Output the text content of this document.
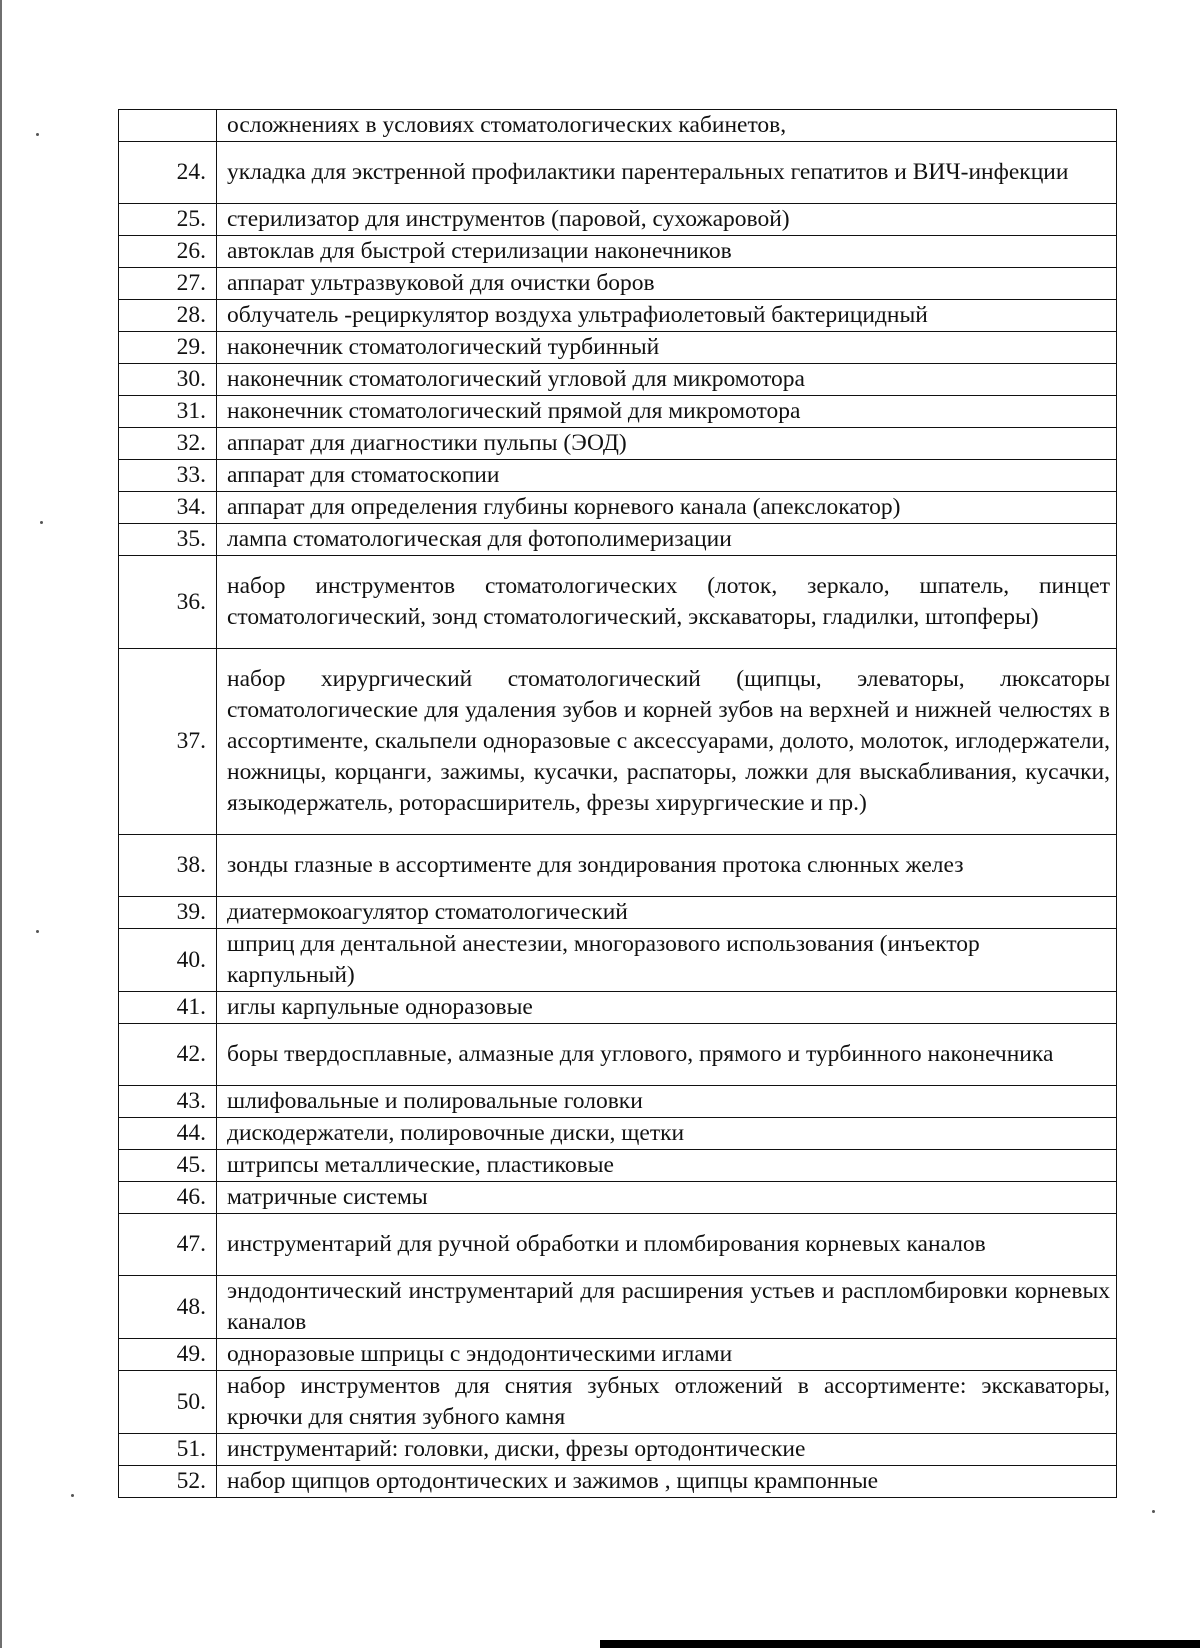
	осложнениях в условиях стоматологических кабинетов,
24.	укладка для экстренной профилактики парентеральных гепатитов и ВИЧ-инфекции
25.	стерилизатор для инструментов (паровой, сухожаровой)
26.	автоклав для быстрой стерилизации наконечников
27.	аппарат ультразвуковой для очистки боров
28.	облучатель -рециркулятор воздуха ультрафиолетовый бактерицидный
29.	наконечник стоматологический турбинный
30.	наконечник стоматологический угловой для микромотора
31.	наконечник стоматологический прямой для микромотора
32.	аппарат для диагностики пульпы (ЭОД)
33.	аппарат для стоматоскопии
34.	аппарат для определения глубины корневого канала (апекслокатор)
35.	лампа стоматологическая для фотополимеризации
36.	набор инструментов стоматологических (лоток, зеркало, шпатель, пинцет стоматологический, зонд стоматологический, экскаваторы, гладилки, штопферы)
37.	набор хирургический стоматологический (щипцы, элеваторы, люксаторы стоматологические для удаления зубов и корней зубов на верхней и нижней челюстях в ассортименте, скальпели одноразовые с аксессуарами, долото, молоток, иглодержатели, ножницы, корцанги, зажимы, кусачки, распаторы, ложки для выскабливания, кусачки, языкодержатель, роторасширитель, фрезы хирургические и пр.)
38.	зонды глазные в ассортименте для зондирования протока слюнных желез
39.	диатермокоагулятор стоматологический
40.	шприц для дентальной анестезии, многоразового использования (инъектор карпульный)
41.	иглы карпульные одноразовые
42.	боры твердосплавные, алмазные для углового, прямого и турбинного наконечника
43.	шлифовальные и полировальные головки
44.	дискодержатели, полировочные диски, щетки
45.	штрипсы металлические, пластиковые
46.	матричные системы
47.	инструментарий для ручной обработки и пломбирования корневых каналов
48.	эндодонтический инструментарий для расширения устьев и распломбировки корневых каналов
49.	одноразовые шприцы с эндодонтическими иглами
50.	набор инструментов для снятия зубных отложений в ассортименте: экскаваторы, крючки для снятия зубного камня
51.	инструментарий: головки, диски, фрезы ортодонтические
52.	набор щипцов ортодонтических и зажимов , щипцы крампонные
